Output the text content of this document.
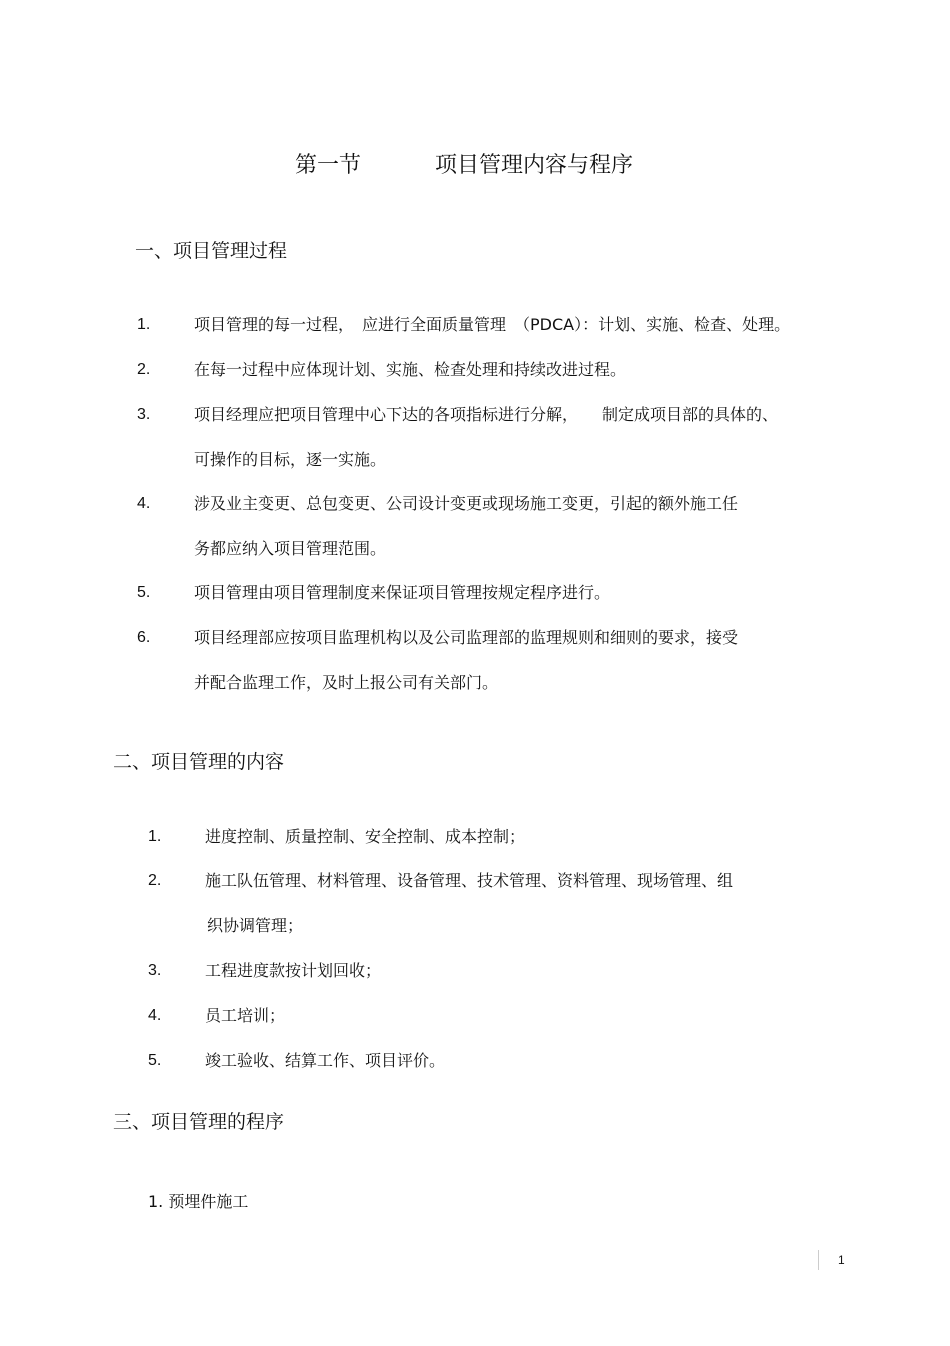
第一节	项目管理内容与程序
一、项目管理过程
1.	项目管理的每一过程，　应进行全面质量管理　（PDCA）：计划、实施、检查、处理。
2.	在每一过程中应体现计划、实施、检查处理和持续改进过程。
3.	项目经理应把项目管理中心下达的各项指标进行分解，　　制定成项目部的具体的、
可操作的目标，逐一实施。
4.	涉及业主变更、总包变更、公司设计变更或现场施工变更，引起的额外施工任
务都应纳入项目管理范围。
5.	项目管理由项目管理制度来保证项目管理按规定程序进行。
6.	项目经理部应按项目监理机构以及公司监理部的监理规则和细则的要求，接受
并配合监理工作，及时上报公司有关部门。
二、项目管理的内容
1.	进度控制、质量控制、安全控制、成本控制；
2.	施工队伍管理、材料管理、设备管理、技术管理、资料管理、现场管理、组
织协调管理；
3.	工程进度款按计划回收；
4.	员工培训；
5.	竣工验收、结算工作、项目评价。
三、项目管理的程序
1. 预埋件施工
1
